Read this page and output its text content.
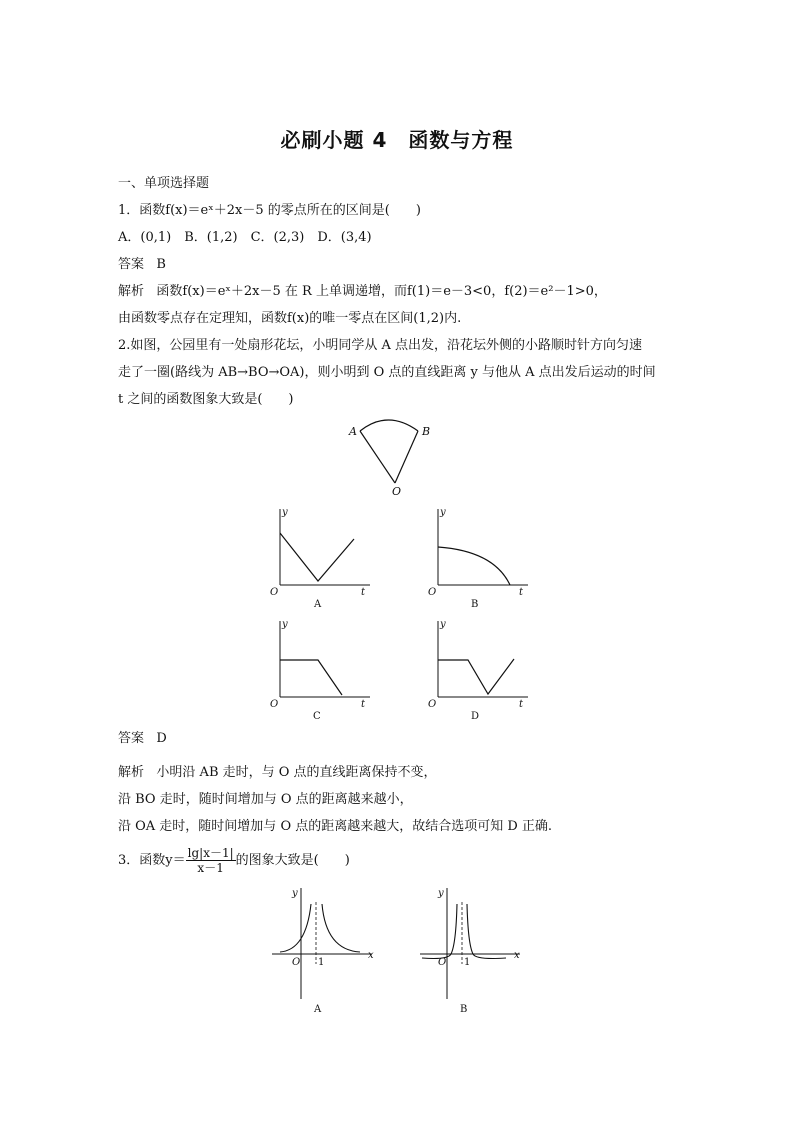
必刷小题 4　函数与方程
一、单项选择题
1．函数f(x)＝eˣ＋2x－5 的零点所在的区间是(　　)
A．(0,1)　B．(1,2)　C．(2,3)　D．(3,4)
答案 B
解析 函数f(x)＝eˣ＋2x－5 在 R 上单调递增，而f(1)＝e－3<0，f(2)＝e²－1>0，
由函数零点存在定理知，函数f(x)的唯一零点在区间(1,2)内.
2.如图，公园里有一处扇形花坛，小明同学从 A 点出发，沿花坛外侧的小路顺时针方向匀速
走了一圈(路线为 AB→BO→OA)，则小明到 O 点的直线距离 y 与他从 A 点出发后运动的时间
t 之间的函数图象大致是(　　)
A	B
O
y
O	t
A
y
O	t
B
y
O	t
C
y
O	t
D
答案 D
解析 小明沿 AB 走时，与 O 点的直线距离保持不变，
沿 BO 走时，随时间增加与 O 点的距离越来越小，
沿 OA 走时，随时间增加与 O 点的距离越来越大，故结合选项可知 D 正确.
3．函数$y= \frac{\lg|x-1|}{x-1}$ 的图象大致是(　　)
y
O 1
x
A
y
O 1
x
B
